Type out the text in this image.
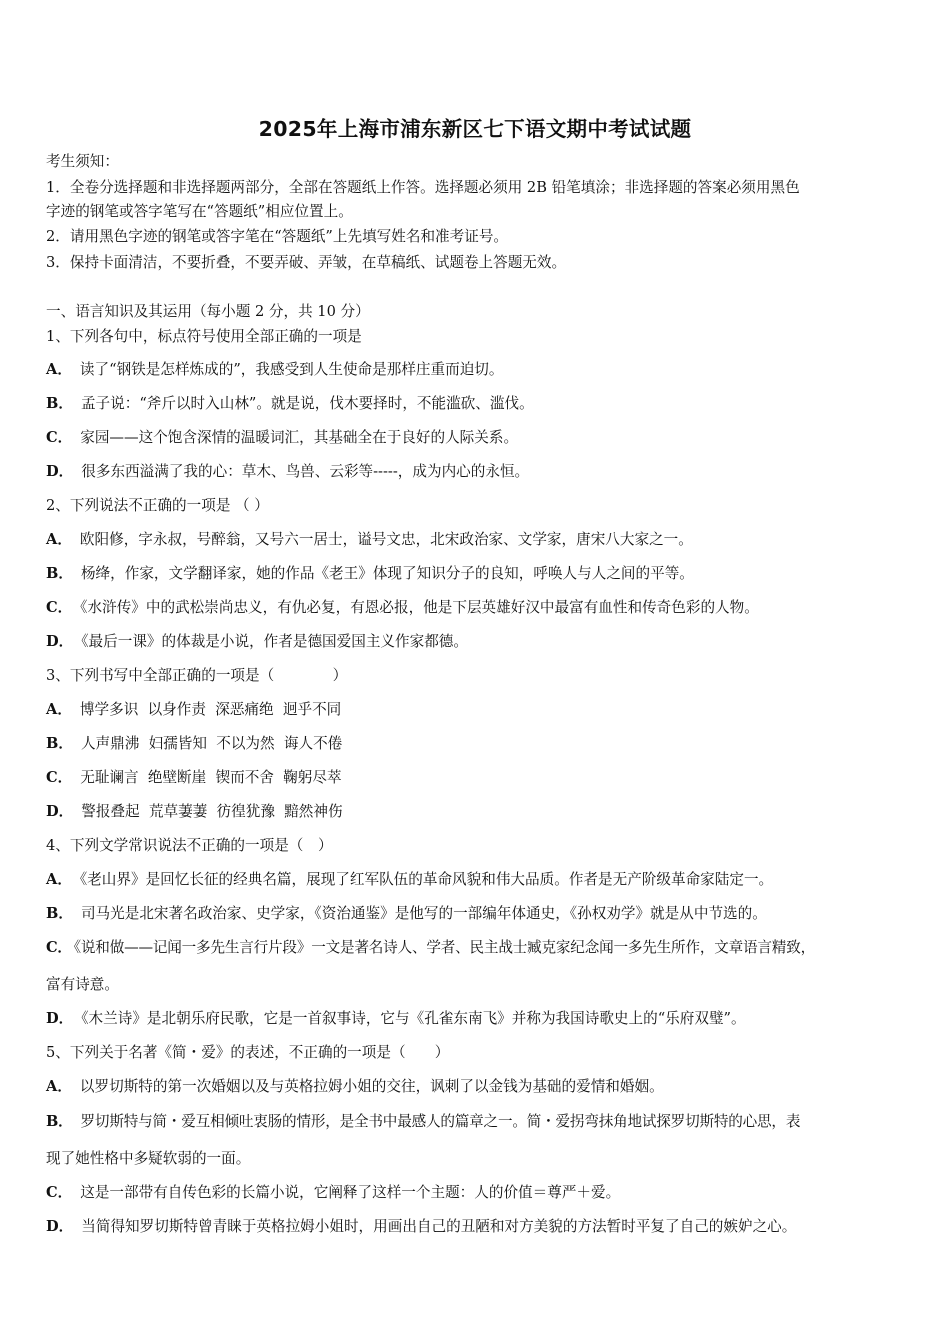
2025年上海市浦东新区七下语文期中考试试题
考生须知：
1．全卷分选择题和非选择题两部分，全部在答题纸上作答。选择题必须用 2B 铅笔填涂；非选择题的答案必须用黑色
字迹的钢笔或答字笔写在“答题纸”相应位置上。
2．请用黑色字迹的钢笔或答字笔在“答题纸”上先填写姓名和准考证号。
3．保持卡面清洁，不要折叠，不要弄破、弄皱，在草稿纸、试题卷上答题无效。
一、语言知识及其运用（每小题 2 分，共 10 分）
1、下列各句中，标点符号使用全部正确的一项是
A． 读了“钢铁是怎样炼成的”，我感受到人生使命是那样庄重而迫切。
B． 孟子说：“斧斤以时入山林”。就是说，伐木要择时，不能滥砍、滥伐。
C． 家园——这个饱含深情的温暖词汇，其基础全在于良好的人际关系。
D． 很多东西溢满了我的心：草木、鸟兽、云彩等-----，成为内心的永恒。
2、下列说法不正确的一项是 （ ）
A． 欧阳修，字永叔，号醉翁，又号六一居士，谥号文忠，北宋政治家、文学家，唐宋八大家之一。
B． 杨绛，作家，文学翻译家，她的作品《老王》体现了知识分子的良知，呼唤人与人之间的平等。
C． 《水浒传》中的武松崇尚忠义，有仇必复，有恩必报，他是下层英雄好汉中最富有血性和传奇色彩的人物。
D． 《最后一课》的体裁是小说，作者是德国爱国主义作家都德。
3、下列书写中全部正确的一项是（　　　　）
A． 博学多识  以身作责  深恶痛绝  迥乎不同
B． 人声鼎沸  妇孺皆知  不以为然  诲人不倦
C． 无耻谰言  绝壁断崖  锲而不舍  鞠躬尽萃
D． 警报叠起  荒草萋萋  彷徨犹豫  黯然神伤
4、下列文学常识说法不正确的一项是（　）
A． 《老山界》是回忆长征的经典名篇，展现了红军队伍的革命风貌和伟大品质。作者是无产阶级革命家陆定一。
B． 司马光是北宋著名政治家、史学家，《资治通鉴》是他写的一部编年体通史，《孙权劝学》就是从中节选的。
C． 《说和做——记闻一多先生言行片段》一文是著名诗人、学者、民主战士臧克家纪念闻一多先生所作，文章语言精致，
富有诗意。
D． 《木兰诗》是北朝乐府民歌，它是一首叙事诗，它与《孔雀东南飞》并称为我国诗歌史上的“乐府双璧”。
5、下列关于名著《简・爱》的表述，不正确的一项是（　　）
A． 以罗切斯特的第一次婚姻以及与英格拉姆小姐的交往，讽刺了以金钱为基础的爱情和婚姻。
B． 罗切斯特与简・爱互相倾吐衷肠的情形，是全书中最感人的篇章之一。简・爱拐弯抹角地试探罗切斯特的心思，表
现了她性格中多疑软弱的一面。
C． 这是一部带有自传色彩的长篇小说，它阐释了这样一个主题：人的价值＝尊严＋爱。
D． 当简得知罗切斯特曾青睐于英格拉姆小姐时，用画出自己的丑陋和对方美貌的方法暂时平复了自己的嫉妒之心。
